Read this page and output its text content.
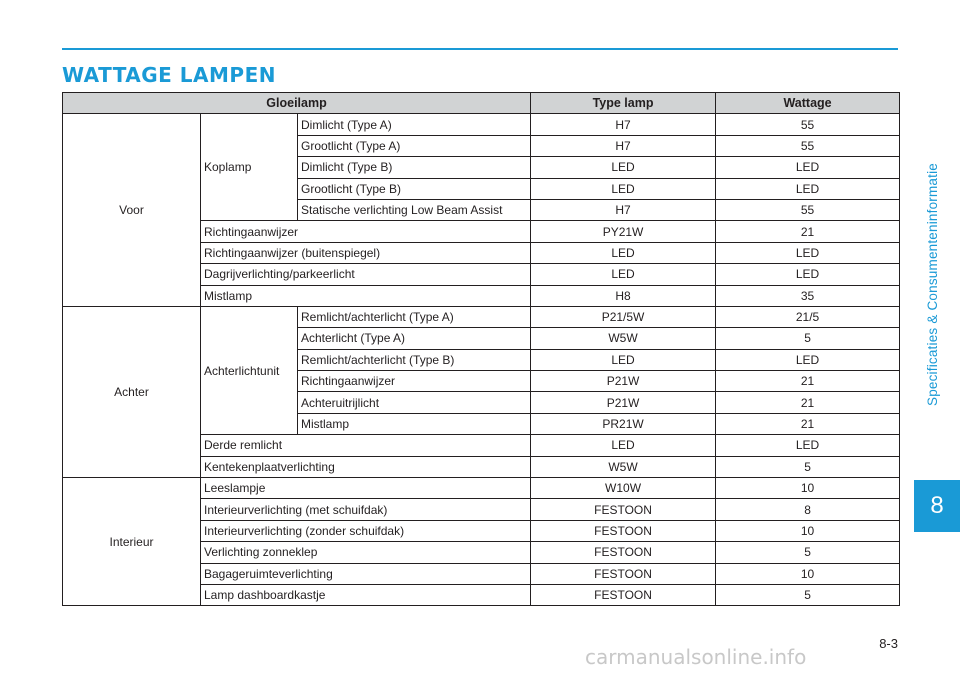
WATTAGE LAMPEN
Specificaties & Consumenteninformatie
8
Gloeilamp			Type lamp	Wattage
Voor	Koplamp	Dimlicht (Type A)	H7	55
		Grootlicht (Type A)	H7	55
		Dimlicht (Type B)	LED	LED
		Grootlicht (Type B)	LED	LED
		Statische verlichting Low Beam Assist	H7	55
	Richtingaanwijzer		PY21W	21
	Richtingaanwijzer (buitenspiegel)		LED	LED
	Dagrijverlichting/parkeerlicht		LED	LED
	Mistlamp		H8	35
Achter	Achterlichtunit	Remlicht/achterlicht (Type A)	P21/5W	21/5
		Achterlicht (Type A)	W5W	5
		Remlicht/achterlicht (Type B)	LED	LED
		Richtingaanwijzer	P21W	21
		Achteruitrijlicht	P21W	21
		Mistlamp	PR21W	21
	Derde remlicht		LED	LED
	Kentekenplaatverlichting		W5W	5
Interieur	Leeslampje		W10W	10
	Interieurverlichting (met schuifdak)		FESTOON	8
	Interieurverlichting (zonder schuifdak)		FESTOON	10
	Verlichting zonneklep		FESTOON	5
	Bagageruimteverlichting		FESTOON	10
	Lamp dashboardkastje		FESTOON	5
8-3
carmanualsonline.info
